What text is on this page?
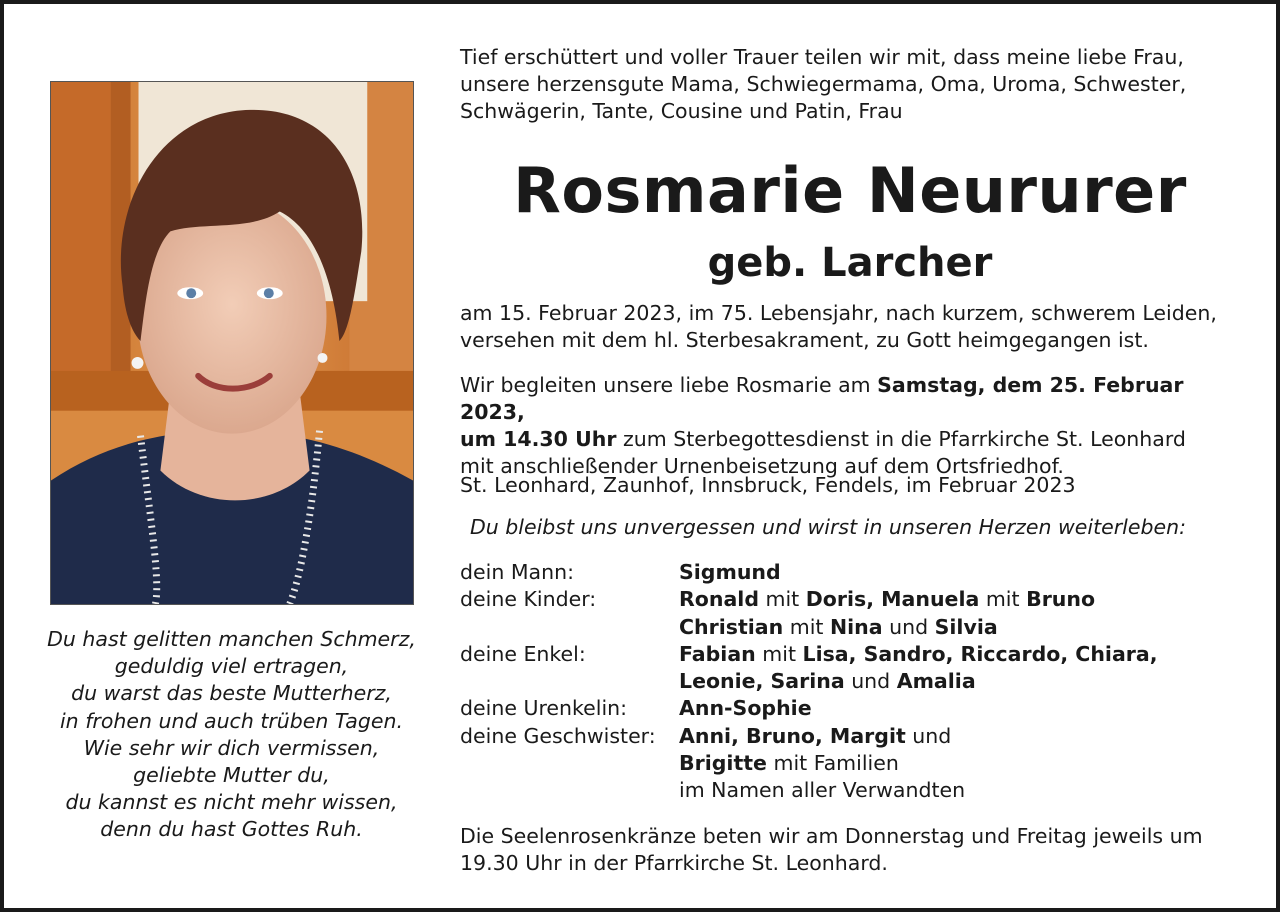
Du hast gelitten manchen Schmerz,
geduldig viel ertragen,
du warst das beste Mutterherz,
in frohen und auch trüben Tagen.
Wie sehr wir dich vermissen,
geliebte Mutter du,
du kannst es nicht mehr wissen,
denn du hast Gottes Ruh.
Tief erschüttert und voller Trauer teilen wir mit, dass meine liebe Frau,
unsere herzensgute Mama, Schwiegermama, Oma, Uroma, Schwester,
Schwägerin, Tante, Cousine und Patin, Frau
Rosmarie Neururer
geb. Larcher
am 15. Februar 2023, im 75. Lebensjahr, nach kurzem, schwerem Leiden,
versehen mit dem hl. Sterbesakrament, zu Gott heimgegangen ist.
Wir begleiten unsere liebe Rosmarie am Samstag, dem 25. Februar 2023,
um 14.30 Uhr zum Sterbegottesdienst in die Pfarrkirche St. Leonhard
mit anschließender Urnenbeisetzung auf dem Ortsfriedhof.
St. Leonhard, Zaunhof, Innsbruck, Fendels, im Februar 2023
Du bleibst uns unvergessen und wirst in unseren Herzen weiterleben:
dein Mann:	Sigmund
deine Kinder:	Ronald mit Doris, Manuela mit Bruno
Christian mit Nina und Silvia
deine Enkel:	Fabian mit Lisa, Sandro, Riccardo, Chiara,
Leonie, Sarina und Amalia
deine Urenkelin:	Ann-Sophie
deine Geschwister:	Anni, Bruno, Margit und
Brigitte mit Familien
im Namen aller Verwandten
Die Seelenrosenkränze beten wir am Donnerstag und Freitag jeweils um
19.30 Uhr in der Pfarrkirche St. Leonhard.
